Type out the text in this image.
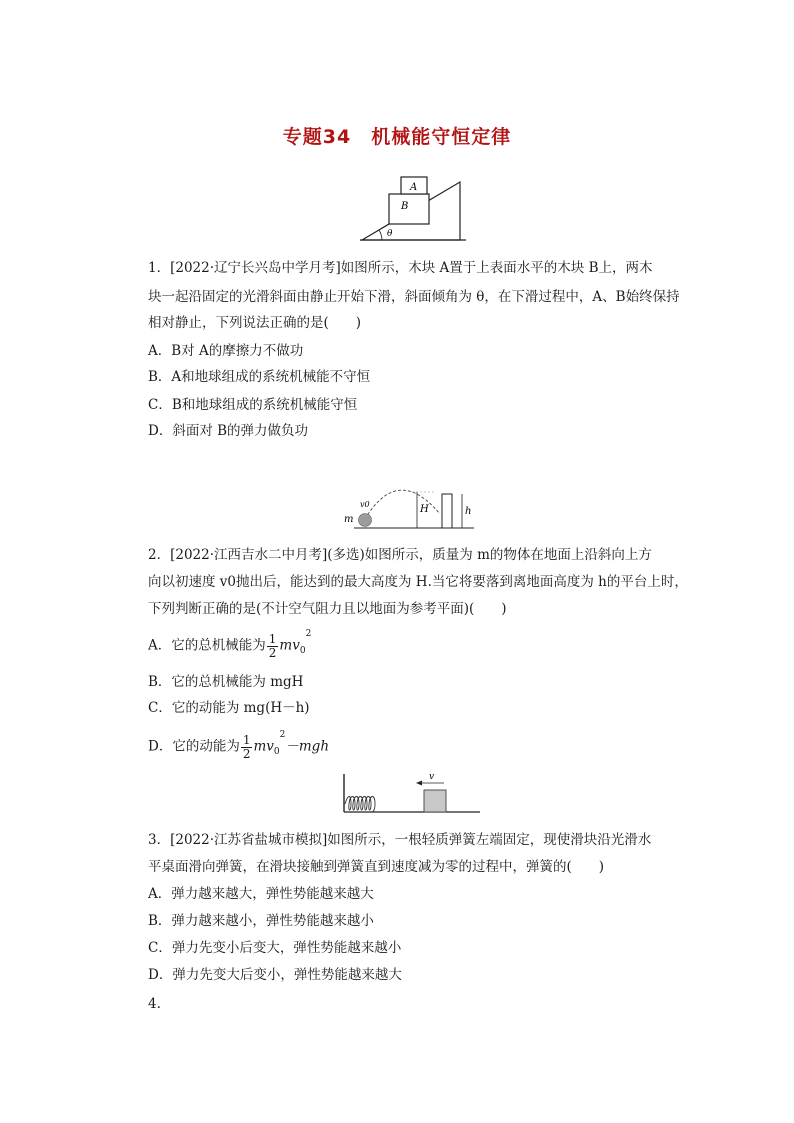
专题34　机械能守恒定律
A
B
θ
1．[2022·辽宁长兴岛中学月考]如图所示，木块 A置于上表面水平的木块 B上，两木
块一起沿固定的光滑斜面由静止开始下滑，斜面倾角为 θ，在下滑过程中，A、B始终保持
相对静止，下列说法正确的是(　　)
A．B对 A的摩擦力不做功
B．A和地球组成的系统机械能不守恒
C．B和地球组成的系统机械能守恒
D．斜面对 B的弹力做负功
m
v0	H	h
2．[2022·江西吉水二中月考](多选)如图所示，质量为 m的物体在地面上沿斜向上方
向以初速度 v0抛出后，能达到的最大高度为 H.当它将要落到离地面高度为 h的平台上时，
下列判断正确的是(不计空气阻力且以地面为参考平面)(　　)
A．它的总机械能为 $\frac{1}{2} mv_0^2$
B．它的总机械能为 mgH
C．它的动能为 mg(H－h)
D．它的动能为 $\frac{1}{2} mv_0^2-mgh$
v
3．[2022·江苏省盐城市模拟]如图所示，一根轻质弹簧左端固定，现使滑块沿光滑水
平桌面滑向弹簧，在滑块接触到弹簧直到速度减为零的过程中，弹簧的(　　)
A．弹力越来越大，弹性势能越来越大
B．弹力越来越小，弹性势能越来越小
C．弹力先变小后变大，弹性势能越来越小
D．弹力先变大后变小，弹性势能越来越大
4.
